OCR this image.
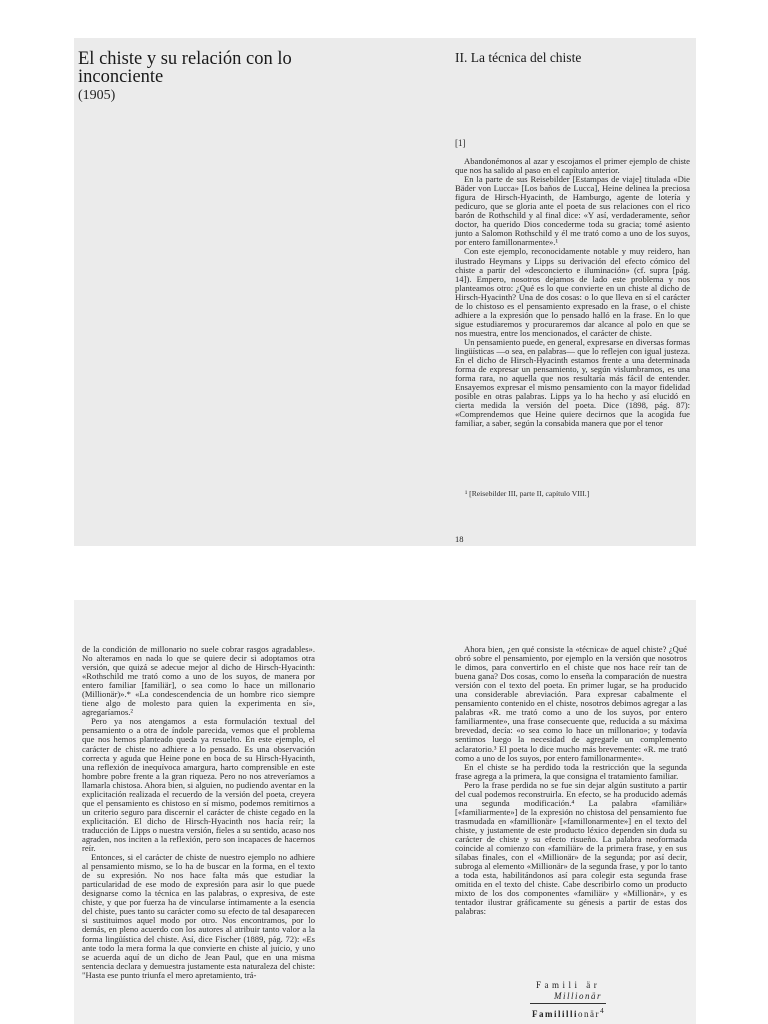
El chiste y su relación con lo inconciente
(1905)
II. La técnica del chiste
[1]

Abandonémonos al azar y escojamos el primer ejemplo de chiste que nos ha salido al paso en el capítulo anterior.

En la parte de sus Reisebilder [Estampas de viaje] titulada «Die Bäder von Lucca» [Los baños de Lucca], Heine delinea la preciosa figura de Hirsch-Hyacinth, de Hamburgo, agente de lotería y pedicuro, que se gloria ante el poeta de sus relaciones con el rico barón de Rothschild y al final dice: «Y así, verdaderamente, señor doctor, ha querido Dios concederme toda su gracia; tomé asiento junto a Salomon Rothschild y él me trató como a uno de los suyos, por entero famillonarmente».¹

Con este ejemplo, reconocidamente notable y muy reidero, han ilustrado Heymans y Lipps su derivación del efecto cómico del chiste a partir del «desconcierto e iluminación» (cf. supra [pág. 14]). Empero, nosotros dejamos de lado este problema y nos planteamos otro: ¿Qué es lo que convierte en un chiste al dicho de Hirsch-Hyacinth? Una de dos cosas: o lo que lleva en sí el carácter de lo chistoso es el pensamiento expresado en la frase, o el chiste adhiere a la expresión que lo pensado halló en la frase. En lo que sigue estudiaremos y procuraremos dar alcance al polo en que se nos muestra, entre los mencionados, el carácter de chiste.

Un pensamiento puede, en general, expresarse en diversas formas lingüísticas —o sea, en palabras— que lo reflejen con igual justeza. En el dicho de Hirsch-Hyacinth estamos frente a una determinada forma de expresar un pensamiento, y, según vislumbramos, es una forma rara, no aquella que nos resultaría más fácil de entender. Ensayemos expresar el mismo pensamiento con la mayor fidelidad posible en otras palabras. Lipps ya lo ha hecho y así elucidó en cierta medida la versión del poeta. Dice (1898, pág. 87): «Comprendemos que Heine quiere decirnos que la acogida fue familiar, a saber, según la consabida manera que por el tenor

¹ [Reisebilder III, parte II, capítulo VIII.]
18

de la condición de millonario no suele cobrar rasgos agradables». No alteramos en nada lo que se quiere decir si adoptamos otra versión, que quizá se adecue mejor al dicho de Hirsch-Hyacinth: «Rothschild me trató como a uno de los suyos, de manera por entero familiar [familiär], o sea como lo hace un millonario (Millionär)».* «La condescendencia de un hombre rico siempre tiene algo de molesto para quien la experimenta en sí», agregaríamos.²

Pero ya nos atengamos a esta formulación textual del pensamiento o a otra de índole parecida, vemos que el problema que nos hemos planteado queda ya resuelto. En este ejemplo, el carácter de chiste no adhiere a lo pensado. Es una observación correcta y aguda que Heine pone en boca de su Hirsch-Hyacinth, una reflexión de inequívoca amargura, harto comprensible en este hombre pobre frente a la gran riqueza. Pero no nos atreveríamos a llamarla chistosa. Ahora bien, si alguien, no pudiendo aventar en la explicitación realizada el recuerdo de la versión del poeta, creyera que el pensamiento es chistoso en sí mismo, podemos remitirnos a un criterio seguro para discernir el carácter de chiste cegado en la explicitación. El dicho de Hirsch-Hyacinth nos hacía reír; la traducción de Lipps o nuestra versión, fieles a su sentido, acaso nos agraden, nos inciten a la reflexión, pero son incapaces de hacernos reír.

Entonces, si el carácter de chiste de nuestro ejemplo no adhiere al pensamiento mismo, se lo ha de buscar en la forma, en el texto de su expresión. No nos hace falta más que estudiar la particularidad de ese modo de expresión para asir lo que puede designarse como la técnica en las palabras, o expresiva, de este chiste, y que por fuerza ha de vincularse íntimamente a la esencia del chiste, pues tanto su carácter como su efecto de tal desaparecen si sustituimos aquel modo por otro. Nos encontramos, por lo demás, en pleno acuerdo con los autores al atribuir tanto valor a la forma lingüística del chiste. Así, dice Fischer (1889, pág. 72): «Es ante todo la mera forma la que convierte en chiste al juicio, y uno se acuerda aquí de un dicho de Jean Paul, que en una misma sentencia declara y demuestra justamente esta naturaleza del chiste: "Hasta ese punto triunfa el mero apretamiento, trá-

Ahora bien, ¿en qué consiste la «técnica» de aquel chiste? ¿Qué obró sobre el pensamiento, por ejemplo en la versión que nosotros le dimos, para convertirlo en el chiste que nos hace reír tan de buena gana? Dos cosas, como lo enseña la comparación de nuestra versión con el texto del poeta. En primer lugar, se ha producido una considerable abreviación. Para expresar cabalmente el pensamiento contenido en el chiste, nosotros debimos agregar a las palabras «R. me trató como a uno de los suyos, por entero familiarmente», una frase consecuente que, reducida a su máxima brevedad, decía: «o sea como lo hace un millonario»; y todavía sentimos luego la necesidad de agregarle un complemento aclaratorio.³ El poeta lo dice mucho más brevemente: «R. me trató como a uno de los suyos, por entero famillonarmente».

En el chiste se ha perdido toda la restricción que la segunda frase agrega a la primera, la que consigna el tratamiento familiar.

Pero la frase perdida no se fue sin dejar algún sustituto a partir del cual podemos reconstruirla. En efecto, se ha producido además una segunda modificación.⁴ La palabra «familiär» [«familiarmente»] de la expresión no chistosa del pensamiento fue trasmudada en «famillionär» [«famillonarmente»] en el texto del chiste, y justamente de este producto léxico dependen sin duda su carácter de chiste y su efecto risueño. La palabra neoformada coincide al comienzo con «familiär» de la primera frase, y en sus sílabas finales, con el «Millionär» de la segunda; por así decir, subroga al elemento «Millionär» de la segunda frase, y por lo tanto a toda esta, habilitándonos así para colegir esta segunda frase omitida en el texto del chiste. Cabe describirlo como un producto mixto de los dos componentes «familiär» y «Millionär», y es tentador ilustrar gráficamente su génesis a partir de estas dos palabras:

Famili är
Millionär
Familillionär$^4$
